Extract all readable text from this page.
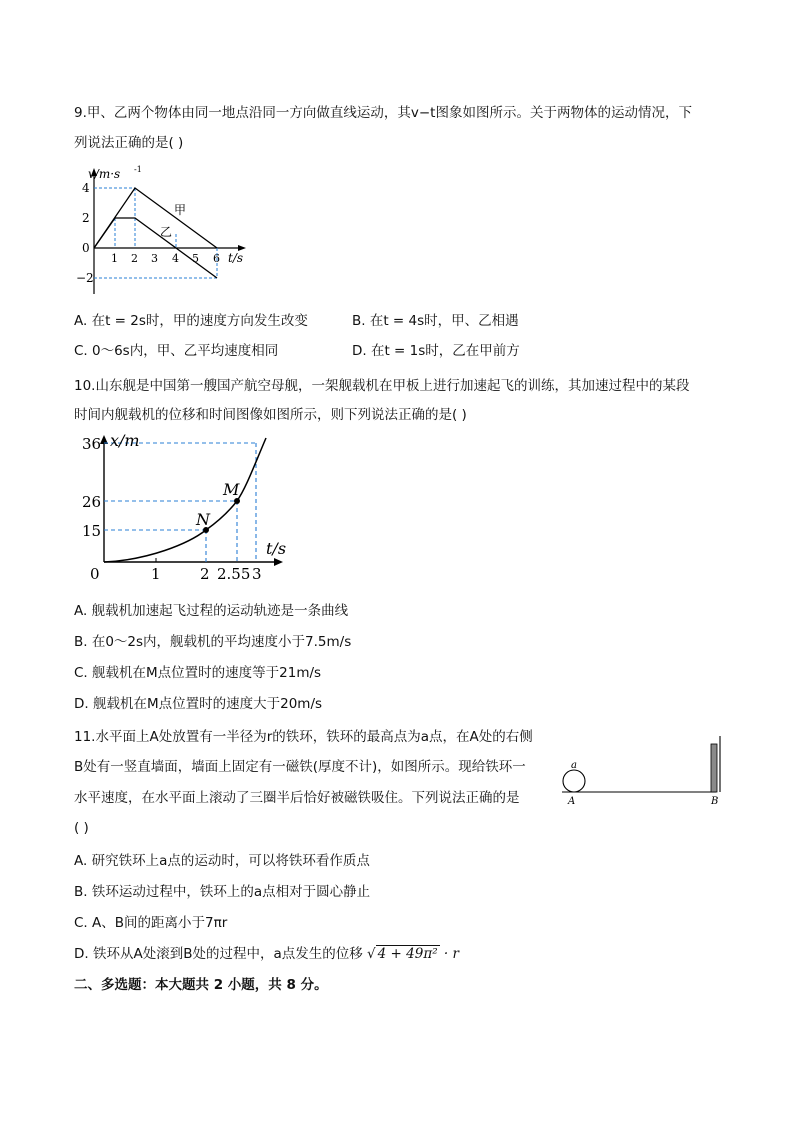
9.甲、乙两个物体由同一地点沿同一方向做直线运动，其v−t图象如图所示。关于两物体的运动情况，下
列说法正确的是( )
v/m·s -1
t/s
4
2
0
−2
1 2 3 4 5 6
甲
乙
A. 在t = 2s时，甲的速度方向发生改变	B. 在t = 4s时，甲、乙相遇
C. 0～6s内，甲、乙平均速度相同	D. 在t = 1s时，乙在甲前方
10.山东舰是中国第一艘国产航空母舰，一架舰载机在甲板上进行加速起飞的训练，其加速过程中的某段
时间内舰载机的位移和时间图像如图所示，则下列说法正确的是( )
x/m
t/s
36
26
15
0	1	2 2.55 3
M
N
A. 舰载机加速起飞过程的运动轨迹是一条曲线
B. 在0～2s内，舰载机的平均速度小于7.5m/s
C. 舰载机在M点位置时的速度等于21m/s
D. 舰载机在M点位置时的速度大于20m/s
11.水平面上A处放置有一半径为r的铁环，铁环的最高点为a点，在A处的右侧
B处有一竖直墙面，墙面上固定有一磁铁(厚度不计)，如图所示。现给铁环一
水平速度，在水平面上滚动了三圈半后恰好被磁铁吸住。下列说法正确的是
( )
a
A	B
A. 研究铁环上a点的运动时，可以将铁环看作质点
B. 铁环运动过程中，铁环上的a点相对于圆心静止
C. A、B间的距离小于7πr
D. 铁环从A处滚到B处的过程中，a点发生的位移 √ 4 + 49π² · r
二、多选题：本大题共 2 小题，共 8 分。
